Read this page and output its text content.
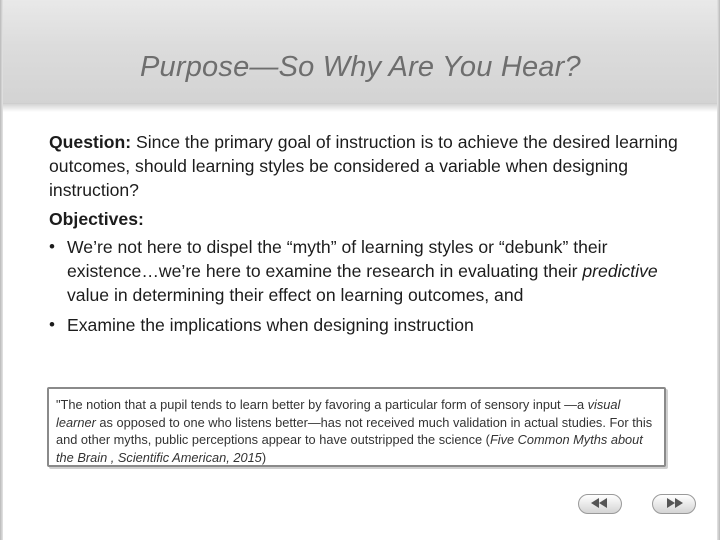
Purpose—So Why Are You Hear?

Question: Since the primary goal of instruction is to achieve the desired learning outcomes, should learning styles be considered a variable when designing instruction?

Objectives:

• We’re not here to dispel the “myth” of learning styles or “debunk” their existence…we’re here to examine the research in evaluating their predictive value in determining their effect on learning outcomes, and
• Examine the implications when designing instruction
"The notion that a pupil tends to learn better by favoring a particular form of sensory input —a visual learner as opposed to one who listens better—has not received much validation in actual studies. For this and other myths, public perceptions appear to have outstripped the science (Five Common Myths about the Brain , Scientific American, 2015)
